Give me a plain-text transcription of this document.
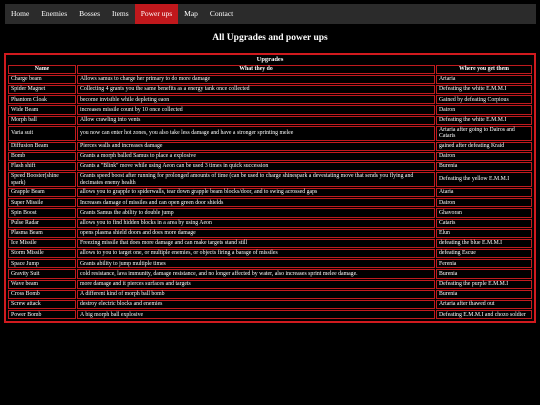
Home	Enemies	Bosses	Items	Power ups	Map	Contact
All Upgrades and power ups
Upgrades
Name	What they do	Where you get them
Charge beam	Allows samus to charge her primary to do more damage	Artaria
Spider Magnet	Collecting 4 grants you the same benefits as a energy tank once collected	Defeating the white E.M.M.I
Phantom Cloak	become invisible while depleting eaon	Gained by defeating Corpious
Wide Beam	increases missile count by 10 once collected	Dairon
Morph ball	Allow crawling into vents	Defeating the white E.M.M.I
Varia suit	you now can enter hot zones, you also take less damage and have a stronger sprinting melee	Artaria after going to Dairos and Cataris
Diffusion Beam	Pierces walls and increases damage	gained after defeating Kraid
Bomb	Grants a morph balled Samus to place a explosive	Dairon
Flash shift	Grants a "Blink" move while using Aeon can be used 3 times in quick succession	Burenia
Speed Booster(shine spark)	Grants speed boost after running for prolonged amounts of time (can be used to charge shinespark a devestating move that sends you flying and decimates enemy health	Defeating the yellow E.M.M.I
Grapple Beam	allows you to grapple to spiderwalls, tear down grapple beam blocks/door, and to swing acrossed gaps	Ataria
Super Missile	Increases damage of missiles and can open green door shields	Dairon
Spin Boost	Grants Samus the ability to double jump	Ghavoran
Pulse Radar	allows you to find hidden blocks in a area by using Aeon	Cataris
Plasma Beam	opens plasma shield doors and does more damage	Elun
Ice Missile	Freezing missile that does more damage and can make targets stand still	defeating the blue E.M.M.I
Storm Missile	allows to you to target one, or multiple enemies, or objects firing a barage of missiles	defeating Escue
Space Jump	Grants ability to jump multiple times	Ferenia
Gravity Suit	cold resistance, lava immunity, damage resistance, and no longer affected by water, also increases sprint melee damage.	Burenia
Wave beam	more damage and it pierces surfaces and targets	Defeating the purple E.M.M.I
Cross Bomb	A different kind of morph ball bomb	Burenia
Screw attack	destroy electric blocks and enemies	Artaria after thawed out
Power Bomb	A big morph ball explosive	Defeating E.M.M.I and chozo soldier
